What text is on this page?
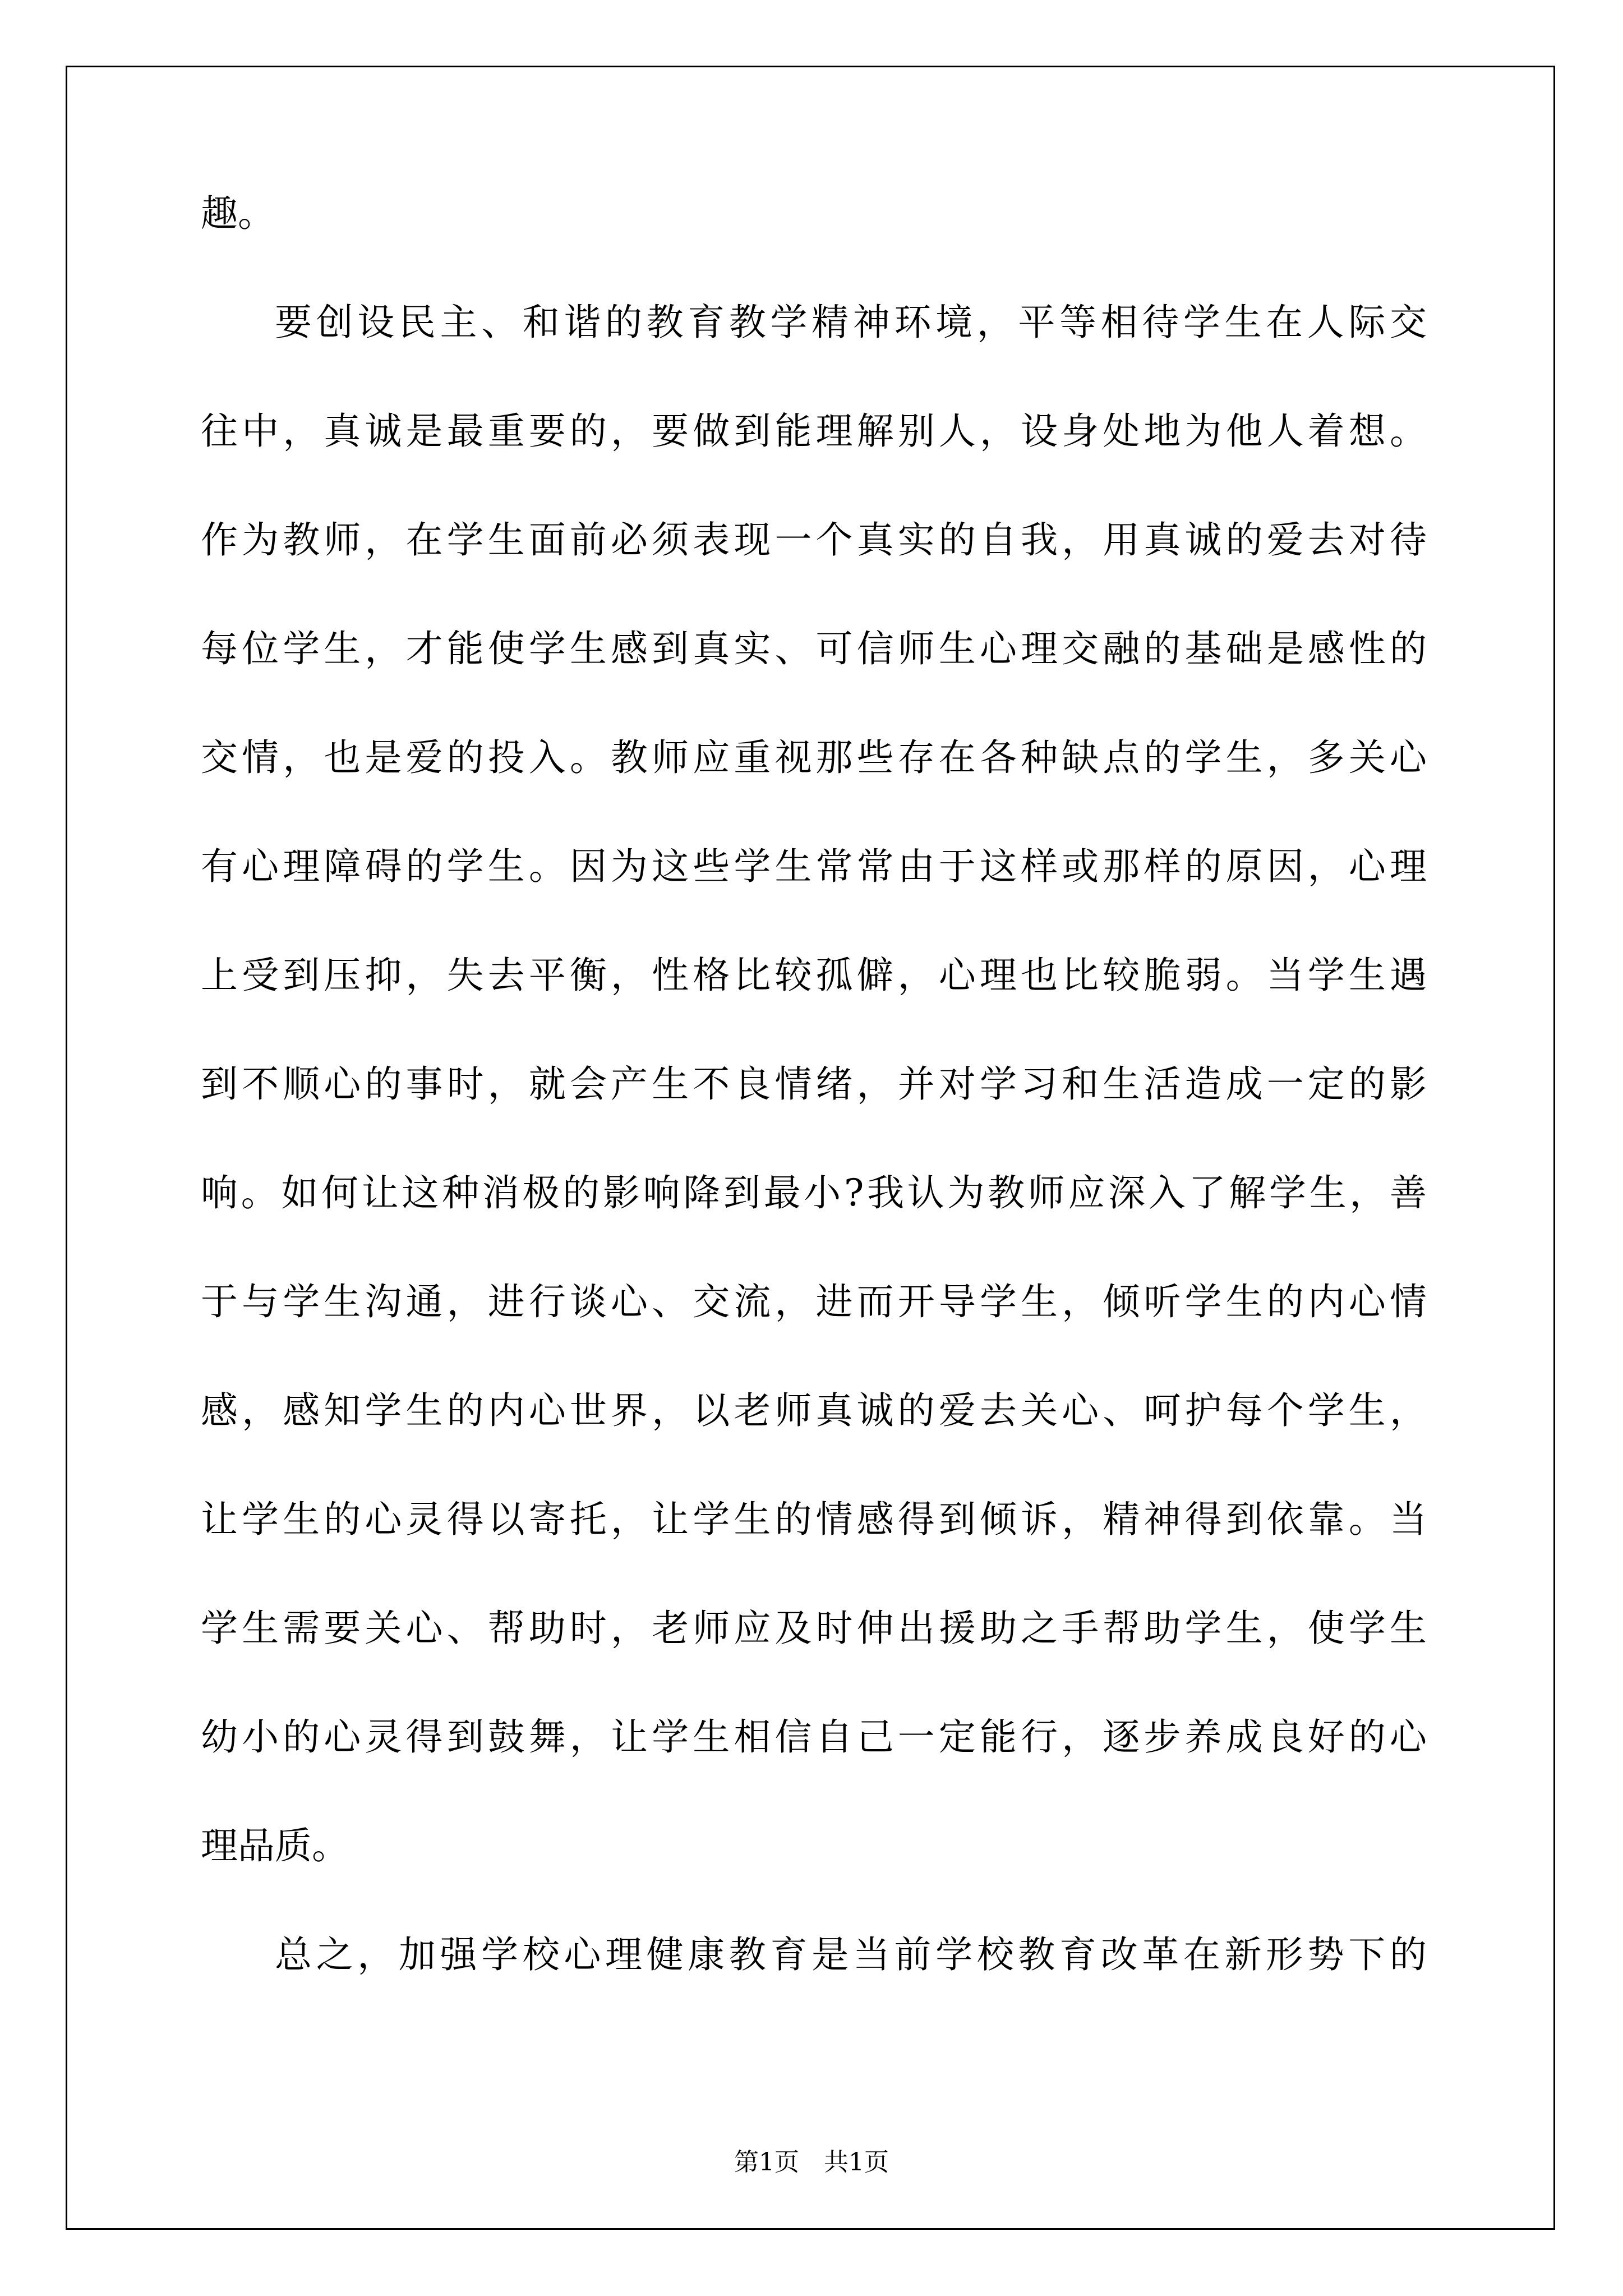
趣。
要创设民主、和谐的教育教学精神环境，平等相待学生在人际交
往中，真诚是最重要的，要做到能理解别人，设身处地为他人着想。
作为教师，在学生面前必须表现一个真实的自我，用真诚的爱去对待
每位学生，才能使学生感到真实、可信师生心理交融的基础是感性的
交情，也是爱的投入。教师应重视那些存在各种缺点的学生，多关心
有心理障碍的学生。因为这些学生常常由于这样或那样的原因，心理
上受到压抑，失去平衡，性格比较孤僻，心理也比较脆弱。当学生遇
到不顺心的事时，就会产生不良情绪，并对学习和生活造成一定的影
响。如何让这种消极的影响降到最小?我认为教师应深入了解学生，善
于与学生沟通，进行谈心、交流，进而开导学生，倾听学生的内心情
感，感知学生的内心世界，以老师真诚的爱去关心、呵护每个学生，
让学生的心灵得以寄托，让学生的情感得到倾诉，精神得到依靠。当
学生需要关心、帮助时，老师应及时伸出援助之手帮助学生，使学生
幼小的心灵得到鼓舞，让学生相信自己一定能行，逐步养成良好的心
理品质。
总之，加强学校心理健康教育是当前学校教育改革在新形势下的
第1页　共1页
